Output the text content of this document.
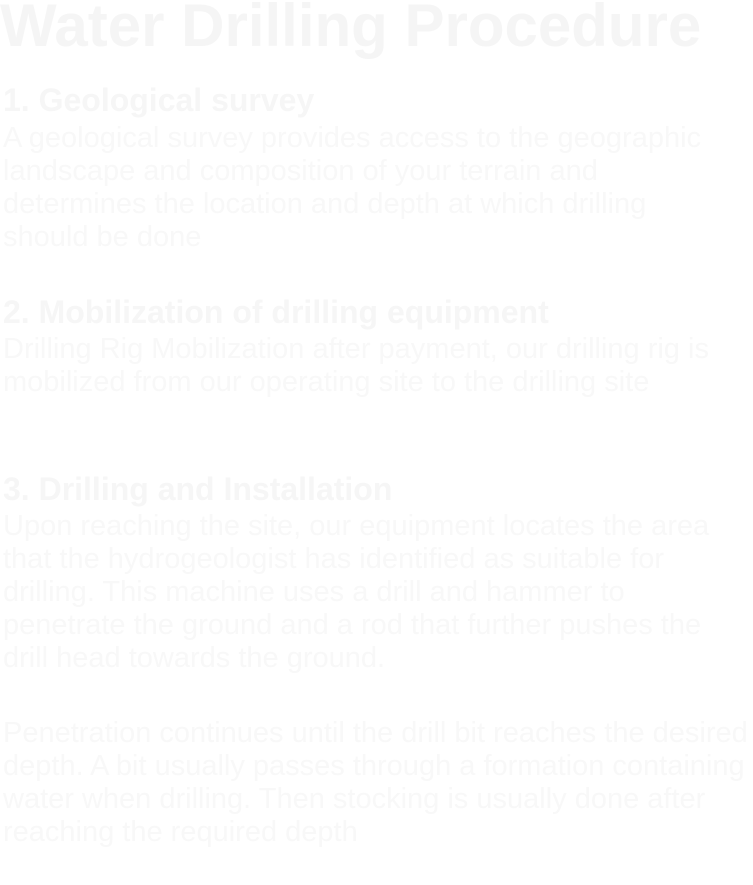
Water Drilling Procedure
1. Geological survey

A geological survey provides access to the geographic landscape and composition of your terrain and determines the location and depth at which drilling should be done

2. Mobilization of drilling equipment

Drilling Rig Mobilization after payment, our drilling rig is mobilized from our operating site to the drilling site

3. Drilling and Installation

Upon reaching the site, our equipment locates the area that the hydrogeologist has identified as suitable for drilling. This machine uses a drill and hammer to penetrate the ground and a rod that further pushes the drill head towards the ground.

Penetration continues until the drill bit reaches the desired depth. A bit usually passes through a formation containing water when drilling. Then stocking is usually done after reaching the required depth
